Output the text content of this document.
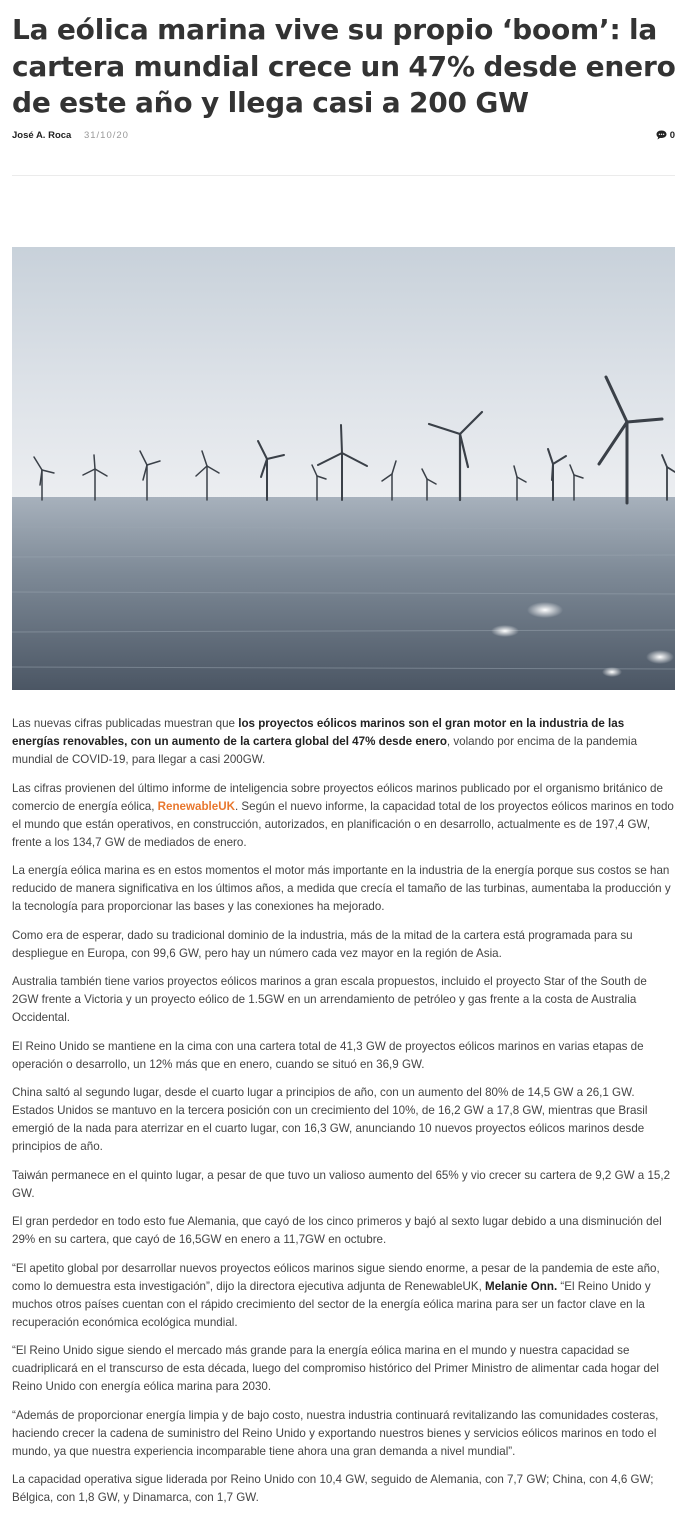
La eólica marina vive su propio ‘boom’: la cartera mundial crece un 47% desde enero de este año y llega casi a 200 GW
José A. Roca 31/10/20	0

Las nuevas cifras publicadas muestran que los proyectos eólicos marinos son el gran motor en la industria de las energías renovables, con un aumento de la cartera global del 47% desde enero, volando por encima de la pandemia mundial de COVID-19, para llegar a casi 200GW.

Las cifras provienen del último informe de inteligencia sobre proyectos eólicos marinos publicado por el organismo británico de comercio de energía eólica, RenewableUK. Según el nuevo informe, la capacidad total de los proyectos eólicos marinos en todo el mundo que están operativos, en construcción, autorizados, en planificación o en desarrollo, actualmente es de 197,4 GW, frente a los 134,7 GW de mediados de enero.

La energía eólica marina es en estos momentos el motor más importante en la industria de la energía porque sus costos se han reducido de manera significativa en los últimos años, a medida que crecía el tamaño de las turbinas, aumentaba la producción y la tecnología para proporcionar las bases y las conexiones ha mejorado.

Como era de esperar, dado su tradicional dominio de la industria, más de la mitad de la cartera está programada para su despliegue en Europa, con 99,6 GW, pero hay un número cada vez mayor en la región de Asia.

Australia también tiene varios proyectos eólicos marinos a gran escala propuestos, incluido el proyecto Star of the South de 2GW frente a Victoria y un proyecto eólico de 1.5GW en un arrendamiento de petróleo y gas frente a la costa de Australia Occidental.

El Reino Unido se mantiene en la cima con una cartera total de 41,3 GW de proyectos eólicos marinos en varias etapas de operación o desarrollo, un 12% más que en enero, cuando se situó en 36,9 GW.

China saltó al segundo lugar, desde el cuarto lugar a principios de año, con un aumento del 80% de 14,5 GW a 26,1 GW. Estados Unidos se mantuvo en la tercera posición con un crecimiento del 10%, de 16,2 GW a 17,8 GW, mientras que Brasil emergió de la nada para aterrizar en el cuarto lugar, con 16,3 GW, anunciando 10 nuevos proyectos eólicos marinos desde principios de año.

Taiwán permanece en el quinto lugar, a pesar de que tuvo un valioso aumento del 65% y vio crecer su cartera de 9,2 GW a 15,2 GW.

El gran perdedor en todo esto fue Alemania, que cayó de los cinco primeros y bajó al sexto lugar debido a una disminución del 29% en su cartera, que cayó de 16,5GW en enero a 11,7GW en octubre.

“El apetito global por desarrollar nuevos proyectos eólicos marinos sigue siendo enorme, a pesar de la pandemia de este año, como lo demuestra esta investigación”, dijo la directora ejecutiva adjunta de RenewableUK, Melanie Onn. “El Reino Unido y muchos otros países cuentan con el rápido crecimiento del sector de la energía eólica marina para ser un factor clave en la recuperación económica ecológica mundial.

“El Reino Unido sigue siendo el mercado más grande para la energía eólica marina en el mundo y nuestra capacidad se cuadriplicará en el transcurso de esta década, luego del compromiso histórico del Primer Ministro de alimentar cada hogar del Reino Unido con energía eólica marina para 2030.

“Además de proporcionar energía limpia y de bajo costo, nuestra industria continuará revitalizando las comunidades costeras, haciendo crecer la cadena de suministro del Reino Unido y exportando nuestros bienes y servicios eólicos marinos en todo el mundo, ya que nuestra experiencia incomparable tiene ahora una gran demanda a nivel mundial”.

La capacidad operativa sigue liderada por Reino Unido con 10,4 GW, seguido de Alemania, con 7,7 GW; China, con 4,6 GW; Bélgica, con 1,8 GW, y Dinamarca, con 1,7 GW.
